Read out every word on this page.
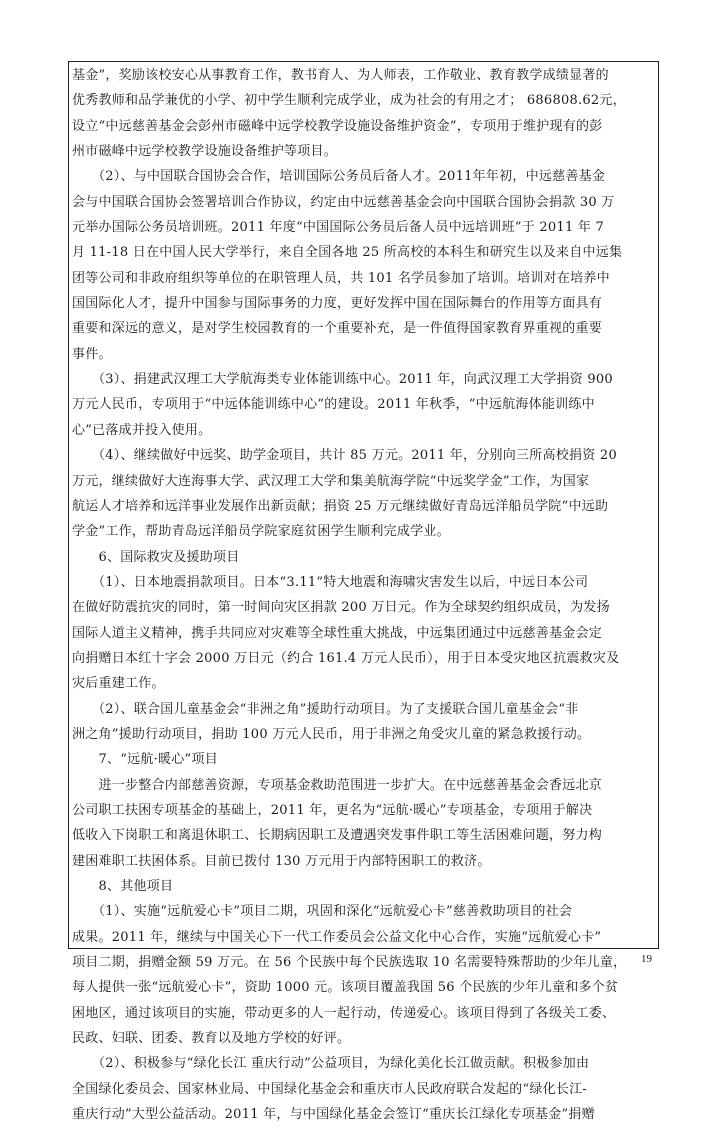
基金”，奖励该校安心从事教育工作，教书育人、为人师表，工作敬业、教育教学成绩显著的
优秀教师和品学兼优的小学、初中学生顺利完成学业，成为社会的有用之才； 686808.62元，
设立“中远慈善基金会彭州市磁峰中远学校教学设施设备维护资金”，专项用于维护现有的彭
州市磁峰中远学校教学设施设备维护等项目。
　　（2）、与中国联合国协会合作，培训国际公务员后备人才。2011年年初，中远慈善基金
会与中国联合国协会签署培训合作协议，约定由中远慈善基金会向中国联合国协会捐款 30 万
元举办国际公务员培训班。2011 年度“中国国际公务员后备人员中远培训班”于 2011 年 7
月 11-18 日在中国人民大学举行，来自全国各地 25 所高校的本科生和研究生以及来自中远集
团等公司和非政府组织等单位的在职管理人员，共 101 名学员参加了培训。培训对在培养中
国国际化人才，提升中国参与国际事务的力度，更好发挥中国在国际舞台的作用等方面具有
重要和深远的意义，是对学生校园教育的一个重要补充，是一件值得国家教育界重视的重要
事件。
　　（3）、捐建武汉理工大学航海类专业体能训练中心。2011 年，向武汉理工大学捐资 900
万元人民币，专项用于“中远体能训练中心”的建设。2011 年秋季，“中远航海体能训练中
心”已落成并投入使用。
　　（4）、继续做好中远奖、助学金项目，共计 85 万元。2011 年，分别向三所高校捐资 20
万元，继续做好大连海事大学、武汉理工大学和集美航海学院“中远奖学金”工作，为国家
航运人才培养和远洋事业发展作出新贡献；捐资 25 万元继续做好青岛远洋船员学院“中远助
学金”工作，帮助青岛远洋船员学院家庭贫困学生顺利完成学业。
　　6、国际救灾及援助项目
　　（1）、日本地震捐款项目。日本“3.11”特大地震和海啸灾害发生以后，中远日本公司
在做好防震抗灾的同时，第一时间向灾区捐款 200 万日元。作为全球契约组织成员，为发扬
国际人道主义精神，携手共同应对灾难等全球性重大挑战，中远集团通过中远慈善基金会定
向捐赠日本红十字会 2000 万日元（约合 161.4 万元人民币），用于日本受灾地区抗震救灾及
灾后重建工作。
　　（2）、联合国儿童基金会“非洲之角”援助行动项目。为了支援联合国儿童基金会“非
洲之角”援助行动项目，捐助 100 万元人民币，用于非洲之角受灾儿童的紧急救援行动。
　　7、“远航·暖心”项目
　　进一步整合内部慈善资源，专项基金救助范围进一步扩大。在中远慈善基金会香远北京
公司职工扶困专项基金的基础上，2011 年，更名为“远航·暖心”专项基金，专项用于解决
低收入下岗职工和离退休职工、长期病因职工及遭遇突发事件职工等生活困难问题，努力构
建困难职工扶困体系。目前已拨付 130 万元用于内部特困职工的救济。
　　8、其他项目
　　（1）、实施“远航爱心卡”项目二期，巩固和深化“远航爱心卡”慈善救助项目的社会
成果。2011 年，继续与中国关心下一代工作委员会公益文化中心合作，实施“远航爱心卡”
项目二期，捐赠金额 59 万元。在 56 个民族中每个民族选取 10 名需要特殊帮助的少年儿童，
每人提供一张“远航爱心卡”，资助 1000 元。该项目覆盖我国 56 个民族的少年儿童和多个贫
困地区，通过该项目的实施，带动更多的人一起行动，传递爱心。该项目得到了各级关工委、
民政、妇联、团委、教育以及地方学校的好评。
　　（2）、积极参与“绿化长江 重庆行动”公益项目，为绿化美化长江做贡献。积极参加由
全国绿化委员会、国家林业局、中国绿化基金会和重庆市人民政府联合发起的“绿化长江-
重庆行动”大型公益活动。2011 年，与中国绿化基金会签订“重庆长江绿化专项基金”捐赠
19
